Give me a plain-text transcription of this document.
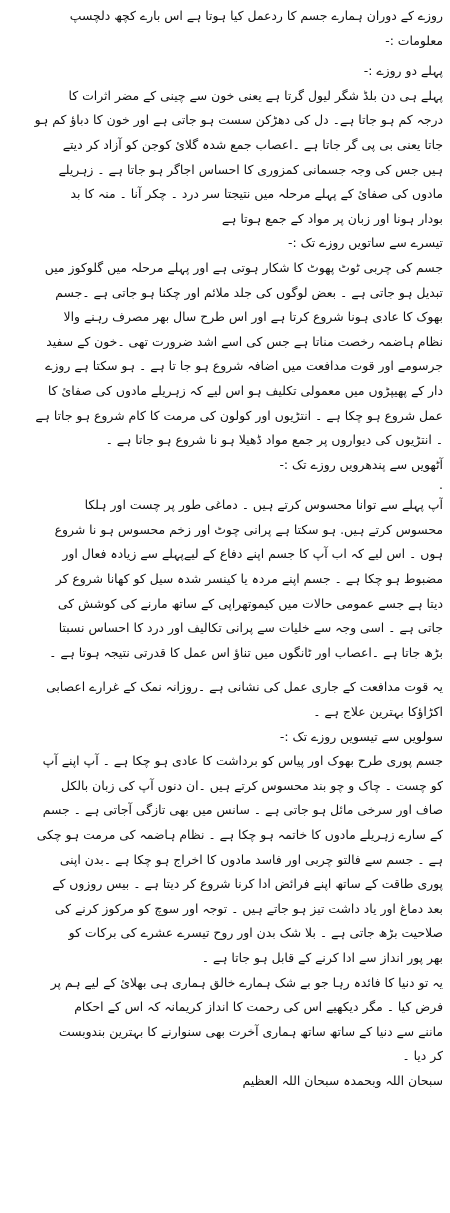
روزے کے دوران ہمارے جسم کا ردعمل کیا ہوتا ہے اس بارے کچھ دلچسپ
معلومات :-
پہلے دو روزے :-
پہلے ہی دن بلڈ شگر لیول گرتا ہے یعنی خون سے چینی کے مضر اثرات کا
درجہ کم ہو جاتا ہے۔ دل کی دھڑکن سست ہو جاتی ہے اور خون کا دباؤ کم ہو
جاتا یعنی بی پی گر جاتا ہے ۔اعصاب جمع شدہ گلائ کوجن کو آزاد کر دیتے
ہیں جس کی وجہ جسمانی کمزوری کا احساس اجاگر ہو جاتا ہے ۔ زہریلے
مادوں کی صفائ کے پہلے مرحلہ میں نتیجتا سر درد ۔ چکر آنا ۔ منہ کا بد
بودار ہونا اور زبان پر مواد کے جمع ہوتا ہے
تیسرے سے ساتویں روزے تک :-
جسم کی چربی ٹوٹ پھوٹ کا شکار ہوتی ہے اور پہلے مرحلہ میں گلوکوز میں
تبدیل ہو جاتی ہے ۔ بعض لوگوں کی جلد ملائم اور چکنا ہو جاتی ہے ۔جسم
بھوک کا عادی ہونا شروع کرتا ہے اور اس طرح سال بھر مصرف رہنے والا
نظام ہاضمہ رخصت مناتا ہے جس کی اسے اشد ضرورت تھی ۔خون کے سفید
جرسومے اور قوت مدافعت میں اضافہ شروع ہو جا تا ہے ۔ ہو سکتا ہے روزے
دار کے پھیپڑوں میں معمولی تکلیف ہو اس لیے کہ زہریلے مادوں کی صفائ کا
عمل شروع ہو چکا ہے ۔ انتڑیوں اور کولون کی مرمت کا کام شروع ہو جاتا ہے
۔ انتڑیوں کی دیواروں پر جمع مواد ڈھیلا ہو نا شروع ہو جاتا ہے ۔
آٹھویں سے پندھرویں روزے تک :-
.
آپ پہلے سے توانا محسوس کرتے ہیں ۔ دماغی طور پر چست اور ہلکا
محسوس کرتے ہیں. ہو سکتا ہے پرانی چوٹ اور زخم محسوس ہو نا شروع
ہوں ۔ اس لیے کہ اب آپ کا جسم اپنے دفاع کے لیےپہلے سے زیادہ فعال اور
مضبوط ہو چکا ہے ۔ جسم اپنے مردہ یا کینسر شدہ سیل کو کھانا شروع کر
دیتا ہے جسے عمومی حالات میں کیموتھراپی کے ساتھ مارنے کی کوشش کی
جاتی ہے ۔ اسی وجہ سے خلیات سے پرانی تکالیف اور درد کا احساس نسبتا
بڑھ جاتا ہے ۔اعصاب اور ٹانگوں میں تناؤ اس عمل کا قدرتی نتیجہ ہوتا ہے ۔
یہ قوت مدافعت کے جاری عمل کی نشانی ہے ۔روزانہ نمک کے غرارے اعصابی
اکڑاؤکا بہترین علاج ہے ۔
سولویں سے تیسویں روزے تک :-
جسم پوری طرح بھوک اور پیاس کو برداشت کا عادی ہو چکا ہے ۔ آپ اپنے آپ
کو چست ۔ چاک و چو بند محسوس کرتے ہیں ۔ان دنوں آپ کی زبان بالکل
صاف اور سرخی مائل ہو جاتی ہے ۔ سانس میں بھی تازگی آجاتی ہے ۔ جسم
کے سارے زہریلے مادوں کا خاتمہ ہو چکا ہے ۔ نظام ہاضمہ کی مرمت ہو چکی
ہے ۔ جسم سے فالتو چربی اور فاسد مادوں کا اخراج ہو چکا ہے ۔بدن اپنی
پوری طاقت کے ساتھ اپنے فرائض ادا کرنا شروع کر دیتا ہے ۔ بیس روزوں کے
بعد دماغ اور یاد داشت تیز ہو جاتے ہیں ۔ توجہ اور سوچ کو مرکوز کرنے کی
صلاحیت بڑھ جاتی ہے ۔ بلا شک بدن اور روح تیسرے عشرے کی برکات کو
بھر پور انداز سے ادا کرنے کے قابل ہو جاتا ہے ۔
یہ تو دنیا کا فائدہ رہا جو بے شک ہمارے خالق ہماری ہی بھلائ کے لیے ہم پر
فرض کیا ۔ مگر دیکھیے اس کی رحمت کا انداز کریمانہ کہ اس کے احکام
ماننے سے دنیا کے ساتھ ساتھ ہماری آخرت بھی سنوارنے کا بہترین بندوبست
کر دیا ۔
سبحان اللہ وبحمدہ سبحان اللہ العظیم
